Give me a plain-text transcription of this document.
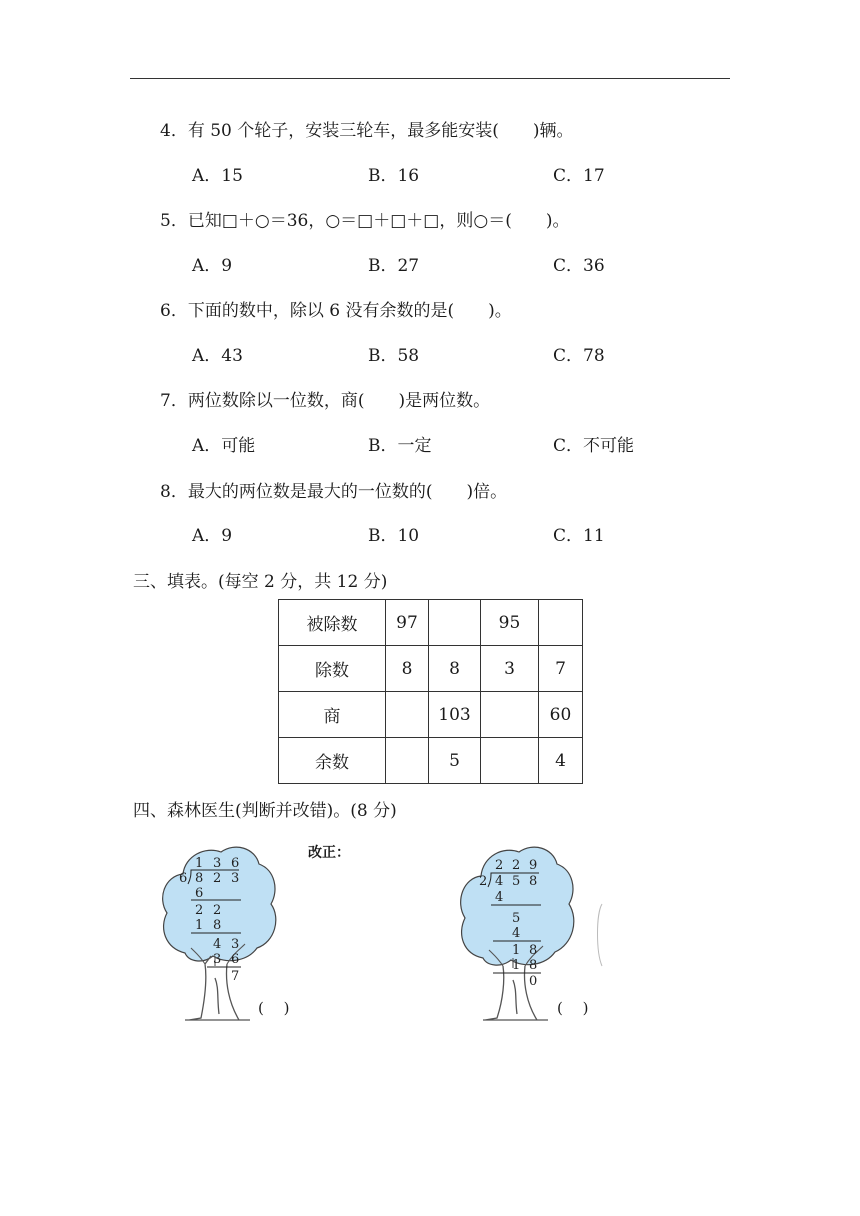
4．有 50 个轮子，安装三轮车，最多能安装(　　)辆。
A．15	B．16	C．17
5．已知□＋○＝36，○＝□＋□＋□，则○＝(　　)。
A．9	B．27	C．36
6．下面的数中，除以 6 没有余数的是(　　)。
A．43	B．58	C．78
7．两位数除以一位数，商(　　)是两位数。
A．可能	B．一定	C．不可能
8．最大的两位数是最大的一位数的(　　)倍。
A．9	B．10	C．11
三、填表。(每空 2 分，共 12 分)
被除数	97		95	
除数	8	8	3	7
商		103		60
余数		5		4
四、森林医生(判断并改错)。(8 分)
改正：
1 3 6
6 8 2 3
6
2 2
1 8
4 3
3 6
7
(　 )
2 2 9
2 4 5 8
4
5
4
1 8
1 8
0
(　 )
